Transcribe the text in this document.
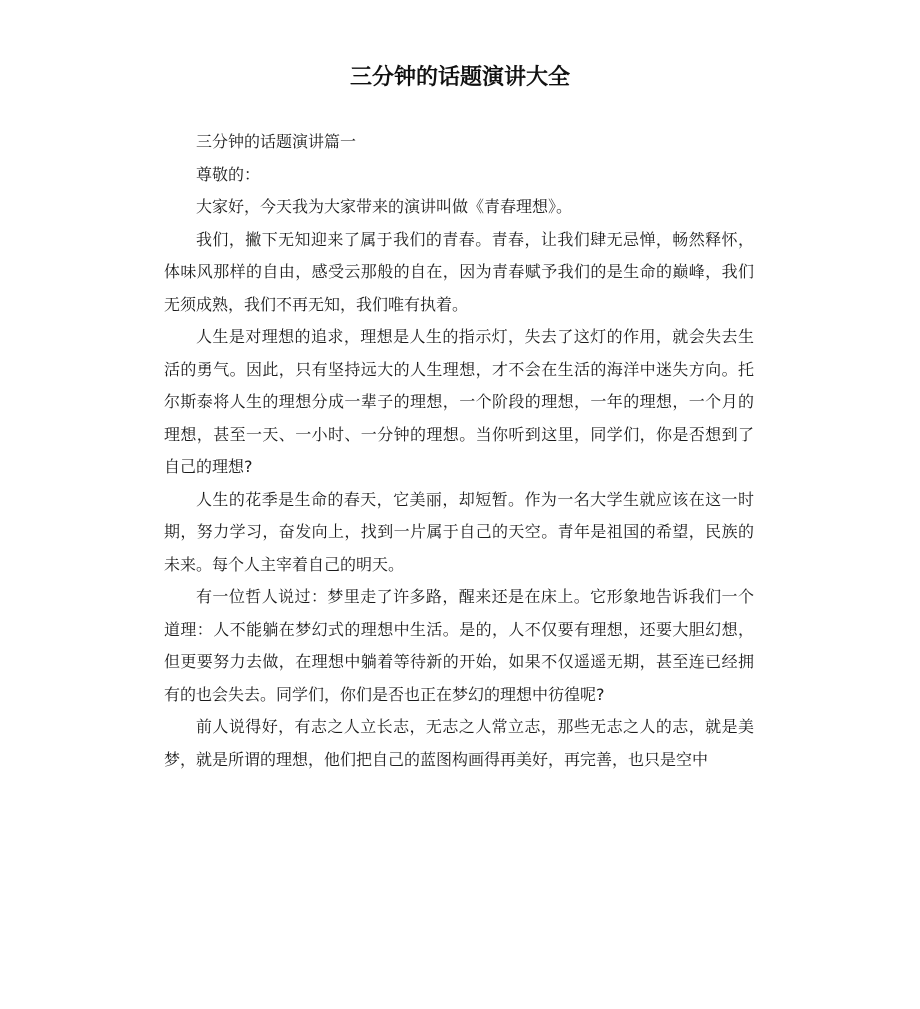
三分钟的话题演讲大全

三分钟的话题演讲篇一

尊敬的：

大家好，今天我为大家带来的演讲叫做《青春理想》。

我们，撇下无知迎来了属于我们的青春。青春，让我们肆无忌惮，畅然释怀，体味风那样的自由，感受云那般的自在，因为青春赋予我们的是生命的巅峰，我们无须成熟，我们不再无知，我们唯有执着。

人生是对理想的追求，理想是人生的指示灯，失去了这灯的作用，就会失去生活的勇气。因此，只有坚持远大的人生理想，才不会在生活的海洋中迷失方向。托尔斯泰将人生的理想分成一辈子的理想，一个阶段的理想，一年的理想，一个月的理想，甚至一天、一小时、一分钟的理想。当你听到这里，同学们，你是否想到了自己的理想?

人生的花季是生命的春天，它美丽，却短暂。作为一名大学生就应该在这一时期，努力学习，奋发向上，找到一片属于自己的天空。青年是祖国的希望，民族的未来。每个人主宰着自己的明天。

有一位哲人说过：梦里走了许多路，醒来还是在床上。它形象地告诉我们一个道理：人不能躺在梦幻式的理想中生活。是的，人不仅要有理想，还要大胆幻想，但更要努力去做，在理想中躺着等待新的开始，如果不仅遥遥无期，甚至连已经拥有的也会失去。同学们，你们是否也正在梦幻的理想中彷徨呢?

前人说得好，有志之人立长志，无志之人常立志，那些无志之人的志，就是美梦，就是所谓的理想，他们把自己的蓝图构画得再美好，再完善，也只是空中
